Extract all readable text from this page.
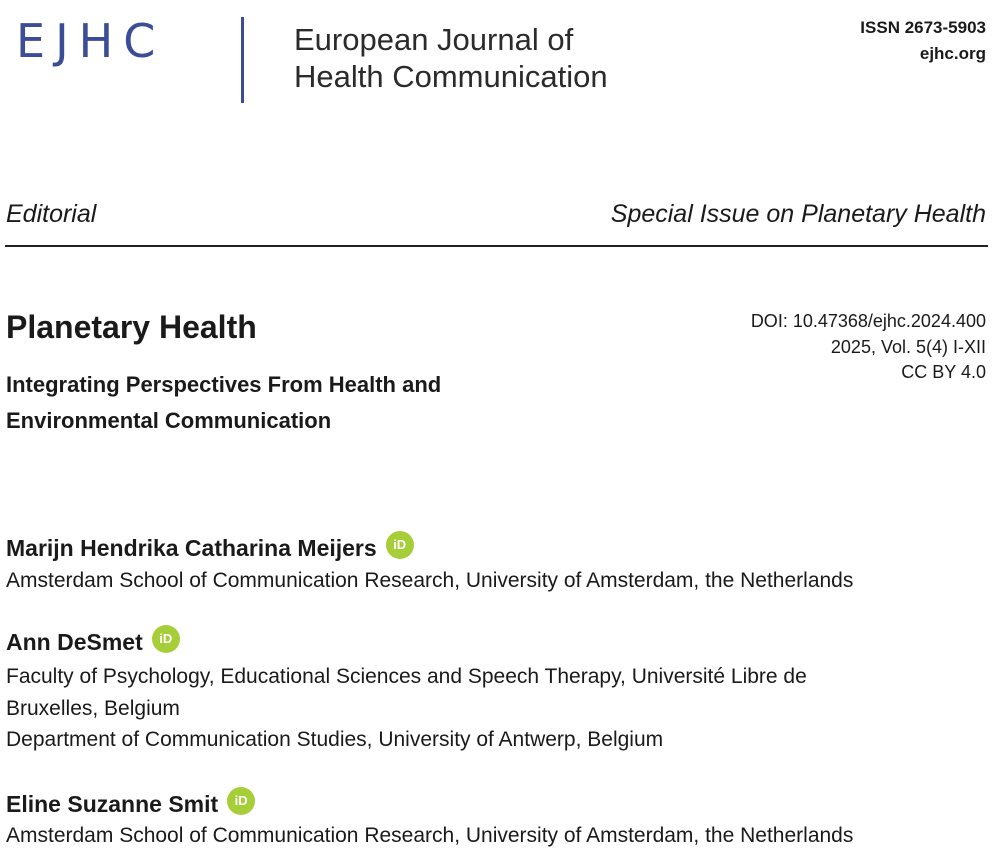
EJHC	European Journal of
Health Communication
ISSN 2673-5903
ejhc.org
Editorial	Special Issue on Planetary Health
Planetary Health
Integrating Perspectives From Health and Environmental Communication
DOI: 10.47368/ejhc.2024.400
2025, Vol. 5(4) I-XII
CC BY 4.0
Marijn Hendrika Catharina Meijers	iD
Amsterdam School of Communication Research, University of Amsterdam, the Netherlands
Ann DeSmet	iD
Faculty of Psychology, Educational Sciences and Speech Therapy, Université Libre de
Bruxelles, Belgium
Department of Communication Studies, University of Antwerp, Belgium
Eline Suzanne Smit	iD
Amsterdam School of Communication Research, University of Amsterdam, the Netherlands
